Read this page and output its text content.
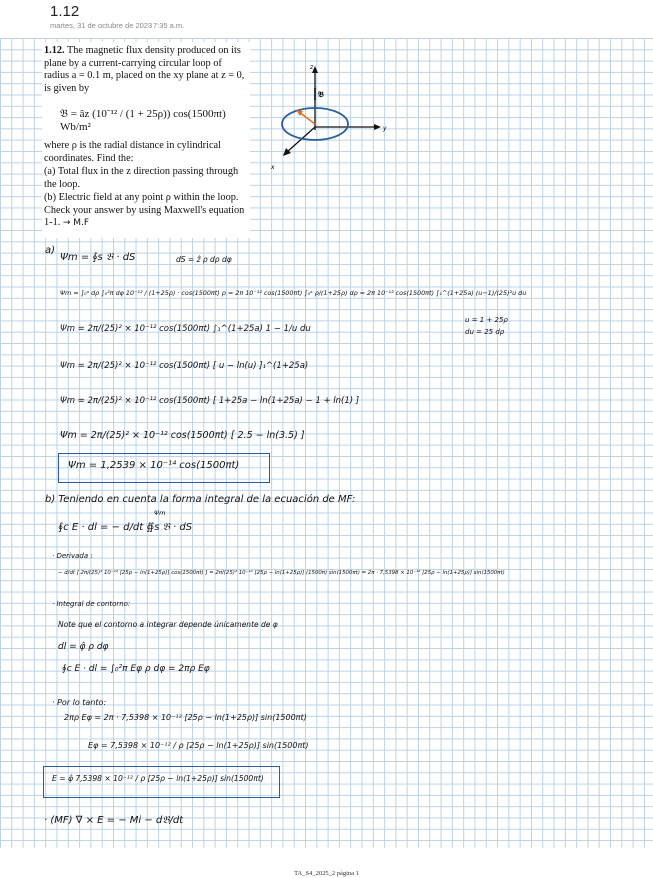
1.12
martes, 31 de octubre de 2023 7:35 a.m.

1.12. The magnetic flux density produced on its plane by a current-carrying circular loop of radius a = 0.1 m, placed on the xy plane at z = 0, is given by

𝔅 = âz (10⁻¹² / (1 + 25ρ)) cos(1500πt) Wb/m²

where ρ is the radial distance in cylindrical coordinates. Find the:

(a) Total flux in the z direction passing through the loop.

(b) Electric field at any point ρ within the loop. Check your answer by using Maxwell's equation 1-1. → M.F

z
𝔅
y
x
a)
Ψm = ∮s 𝔅 · dS	dS = ẑ ρ dρ dφ
Ψm = ∫₀ᵃ dρ ∫₀²π dφ 10⁻¹² / (1+25ρ) · cos(1500πt) ρ = 2π 10⁻¹² cos(1500πt) ∫₀ᵃ ρ/(1+25ρ) dρ = 2π 10⁻¹² cos(1500πt) ∫₁^(1+25a) (u−1)/(25)²u du
Ψm = 2π/(25)² × 10⁻¹² cos(1500πt) ∫₁^(1+25a) 1 − 1/u du
u = 1 + 25ρ
du = 25 dρ
Ψm = 2π/(25)² × 10⁻¹² cos(1500πt) [ u − ln(u) ]₁^(1+25a)
Ψm = 2π/(25)² × 10⁻¹² cos(1500πt) [ 1+25a − ln(1+25a) − 1 + ln(1) ]
Ψm = 2π/(25)² × 10⁻¹² cos(1500πt) [ 2.5 − ln(3.5) ]
Ψm = 1,2539 × 10⁻¹⁴ cos(1500πt)
b) Teniendo en cuenta la forma integral de la ecuación de MF:
∮c E · dl = − d/dt ∯s 𝔅 · dS
Ψm
· Derivada :
− d/dt [ 2π/(25)² 10⁻¹² [25ρ − ln(1+25ρ)] cos(1500πt) ] = 2π/(25)² 10⁻¹² [25ρ − ln(1+25ρ)] (1500π) sin(1500πt) = 2π · 7,5398 × 10⁻¹² [25ρ − ln(1+25ρ)] sin(1500πt)
· Integral de contorno:
Note que el contorno a integrar depende únicamente de φ
dl = φ̂ ρ dφ
∮c E · dl = ∫₀²π Eφ ρ dφ = 2πρ Eφ
· Por lo tanto:
2πρ Eφ = 2π · 7,5398 × 10⁻¹² [25ρ − ln(1+25ρ)] sin(1500πt)
Eφ = 7,5398 × 10⁻¹² / ρ [25ρ − ln(1+25ρ)] sin(1500πt)
E = φ̂ 7,5398 × 10⁻¹² / ρ [25ρ − ln(1+25ρ)] sin(1500πt)
· (MF) ∇ × E = − Mi − d𝔅/dt
TA_S4_2025_2 página 1
